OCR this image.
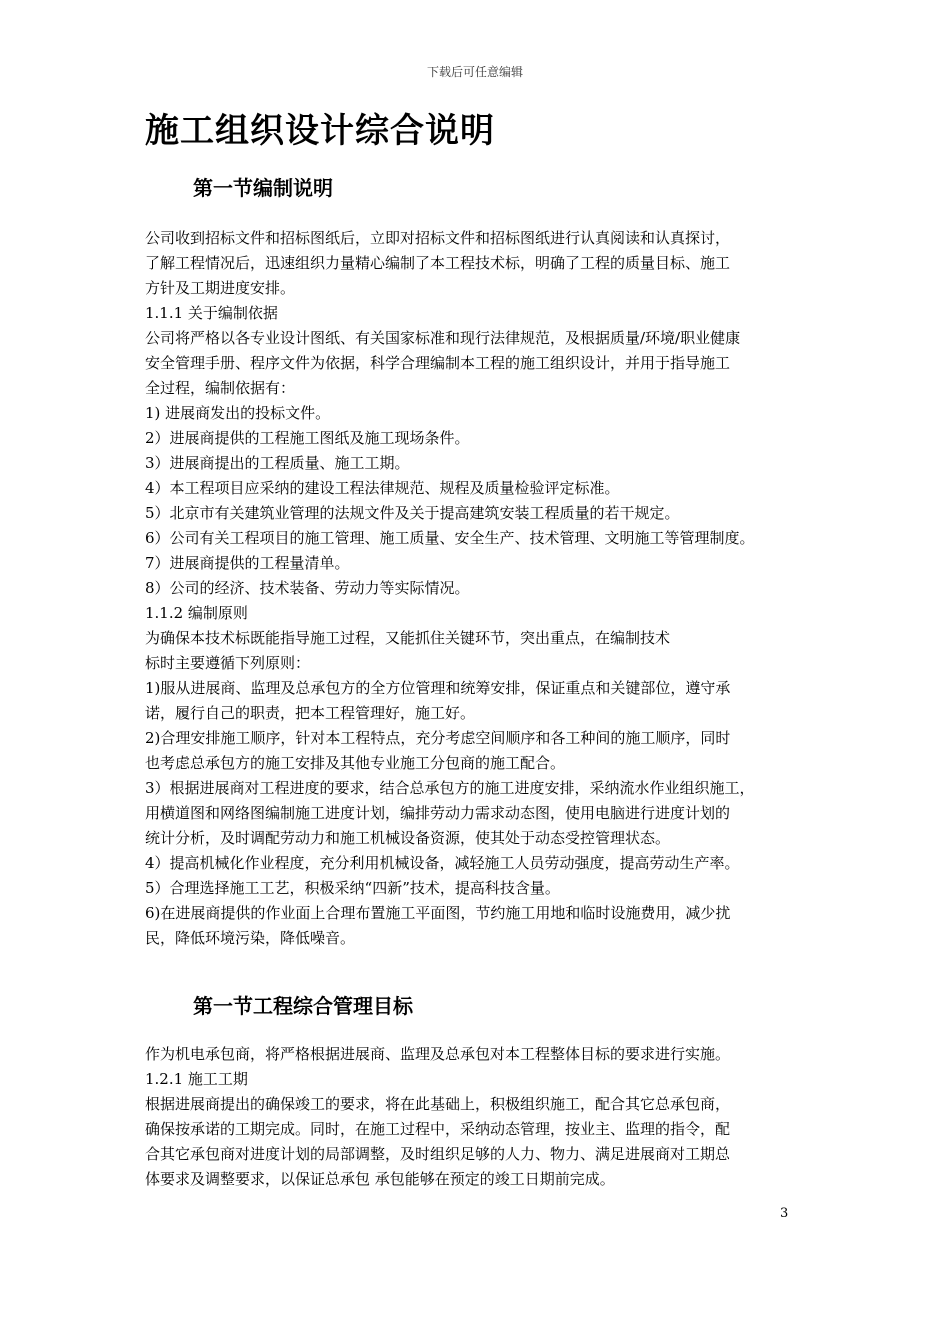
下载后可任意编辑
施工组织设计综合说明
第一节编制说明
公司收到招标文件和招标图纸后，立即对招标文件和招标图纸进行认真阅读和认真探讨，
了解工程情况后，迅速组织力量精心编制了本工程技术标，明确了工程的质量目标、施工
方针及工期进度安排。
1.1.1 关于编制依据
公司将严格以各专业设计图纸、有关国家标准和现行法律规范，及根据质量/环境/职业健康
安全管理手册、程序文件为依据，科学合理编制本工程的施工组织设计，并用于指导施工
全过程，编制依据有：
1) 进展商发出的投标文件。
2）进展商提供的工程施工图纸及施工现场条件。
3）进展商提出的工程质量、施工工期。
4）本工程项目应采纳的建设工程法律规范、规程及质量检验评定标准。
5）北京市有关建筑业管理的法规文件及关于提高建筑安装工程质量的若干规定。
6）公司有关工程项目的施工管理、施工质量、安全生产、技术管理、文明施工等管理制度。
7）进展商提供的工程量清单。
8）公司的经济、技术装备、劳动力等实际情况。
1.1.2 编制原则
为确保本技术标既能指导施工过程，又能抓住关键环节，突出重点，在编制技术
标时主要遵循下列原则：
1)服从进展商、监理及总承包方的全方位管理和统筹安排，保证重点和关键部位，遵守承
诺，履行自己的职责，把本工程管理好，施工好。
2)合理安排施工顺序，针对本工程特点，充分考虑空间顺序和各工种间的施工顺序，同时
也考虑总承包方的施工安排及其他专业施工分包商的施工配合。
3）根据进展商对工程进度的要求，结合总承包方的施工进度安排，采纳流水作业组织施工，
用横道图和网络图编制施工进度计划，编排劳动力需求动态图，使用电脑进行进度计划的
统计分析，及时调配劳动力和施工机械设备资源，使其处于动态受控管理状态。
4）提高机械化作业程度，充分利用机械设备，减轻施工人员劳动强度，提高劳动生产率。
5）合理选择施工工艺，积极采纳“四新”技术，提高科技含量。
6)在进展商提供的作业面上合理布置施工平面图，节约施工用地和临时设施费用，减少扰
民，降低环境污染，降低噪音。
第一节工程综合管理目标
作为机电承包商，将严格根据进展商、监理及总承包对本工程整体目标的要求进行实施。
1.2.1 施工工期
根据进展商提出的确保竣工的要求，将在此基础上，积极组织施工，配合其它总承包商，
确保按承诺的工期完成。同时，在施工过程中，采纳动态管理，按业主、监理的指令，配
合其它承包商对进度计划的局部调整，及时组织足够的人力、物力、满足进展商对工期总
体要求及调整要求，以保证总承包 承包能够在预定的竣工日期前完成。
3
